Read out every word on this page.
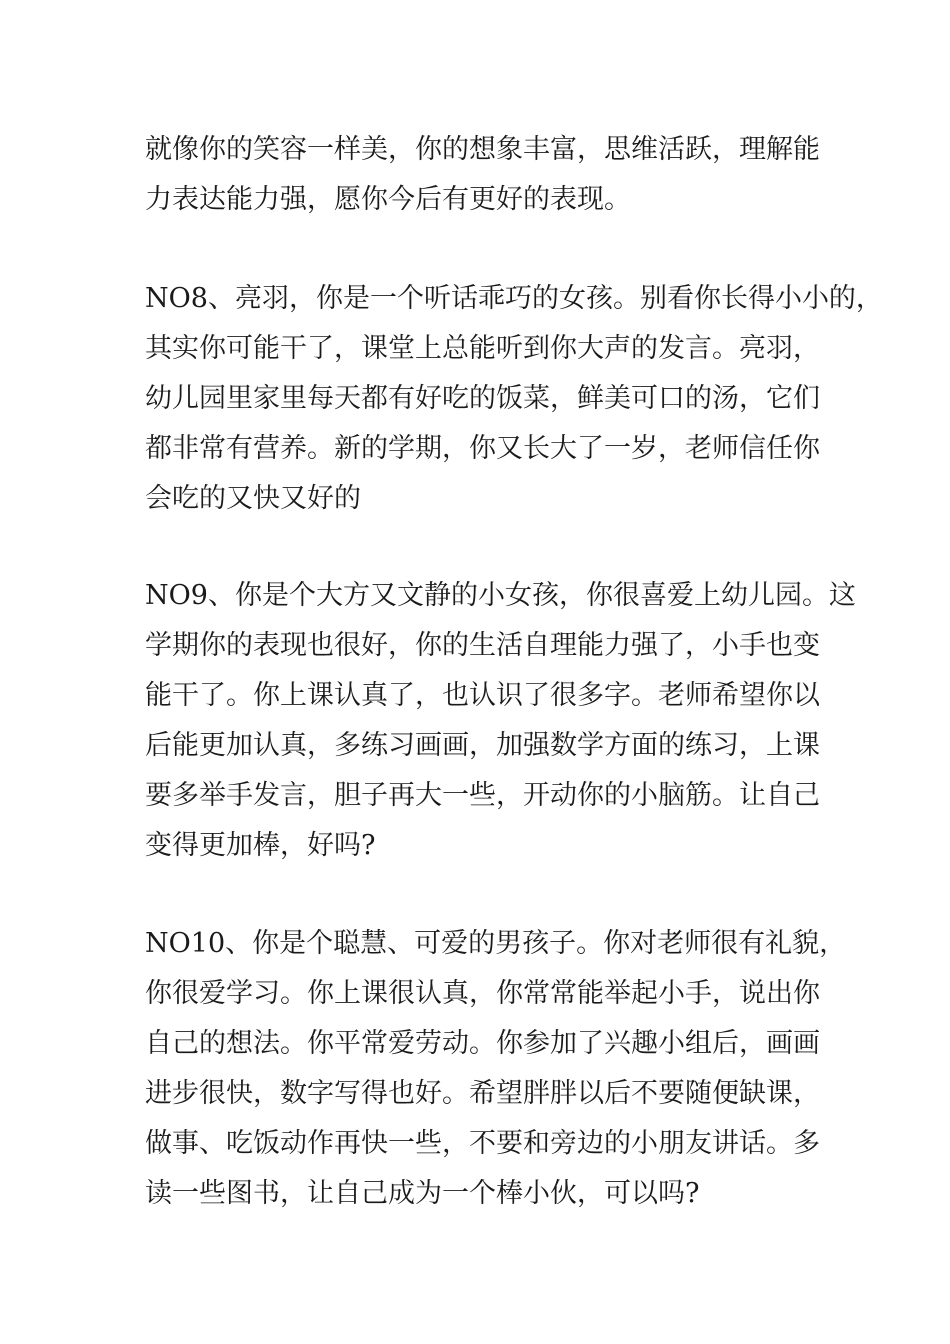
就像你的笑容一样美，你的想象丰富，思维活跃，理解能
力表达能力强，愿你今后有更好的表现。
NO8、亮羽，你是一个听话乖巧的女孩。别看你长得小小的，
其实你可能干了，课堂上总能听到你大声的发言。亮羽，
幼儿园里家里每天都有好吃的饭菜，鲜美可口的汤，它们
都非常有营养。新的学期，你又长大了一岁，老师信任你
会吃的又快又好的
NO9、你是个大方又文静的小女孩，你很喜爱上幼儿园。这
学期你的表现也很好，你的生活自理能力强了，小手也变
能干了。你上课认真了，也认识了很多字。老师希望你以
后能更加认真，多练习画画，加强数学方面的练习，上课
要多举手发言，胆子再大一些，开动你的小脑筋。让自己
变得更加棒，好吗?
NO10、你是个聪慧、可爱的男孩子。你对老师很有礼貌，
你很爱学习。你上课很认真，你常常能举起小手，说出你
自己的想法。你平常爱劳动。你参加了兴趣小组后，画画
进步很快，数字写得也好。希望胖胖以后不要随便缺课，
做事、吃饭动作再快一些，不要和旁边的小朋友讲话。多
读一些图书，让自己成为一个棒小伙，可以吗?
